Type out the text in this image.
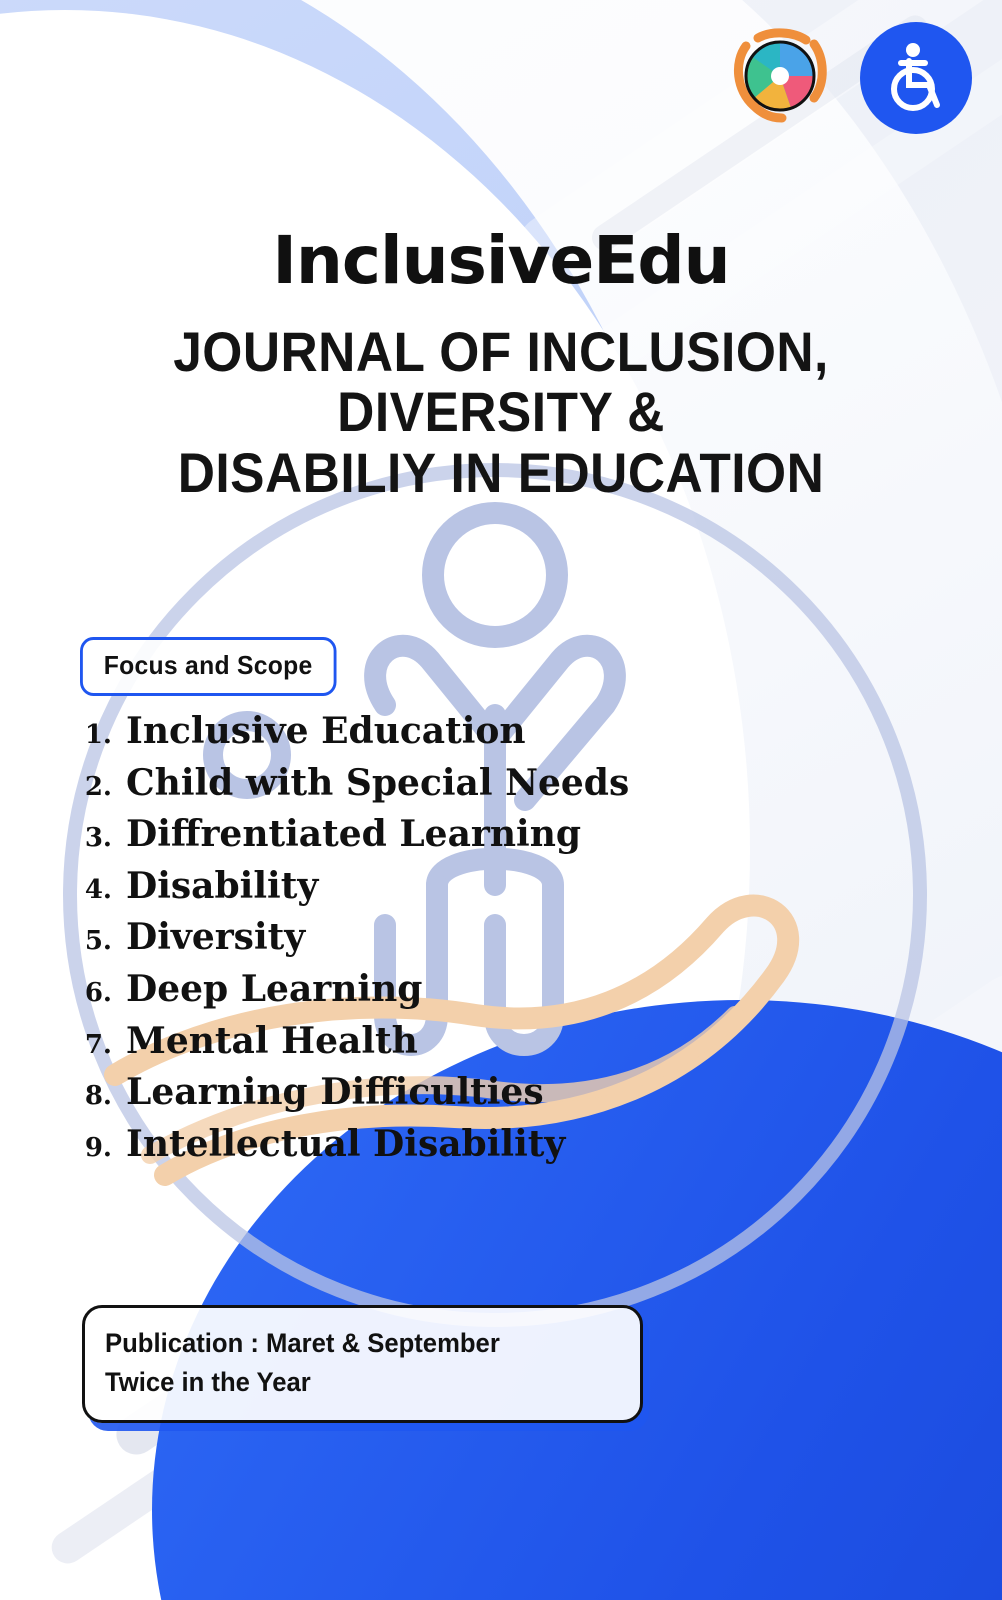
InclusiveEdu
JOURNAL OF INCLUSION, DIVERSITY &
DISABILIY IN EDUCATION
Focus and Scope
1. Inclusive Education
2. Child with Special Needs
3. Diffrentiated Learning
4. Disability
5. Diversity
6. Deep Learning
7. Mental Health
8. Learning Difficulties
9. Intellectual Disability
Publication : Maret & September
Twice in the Year
